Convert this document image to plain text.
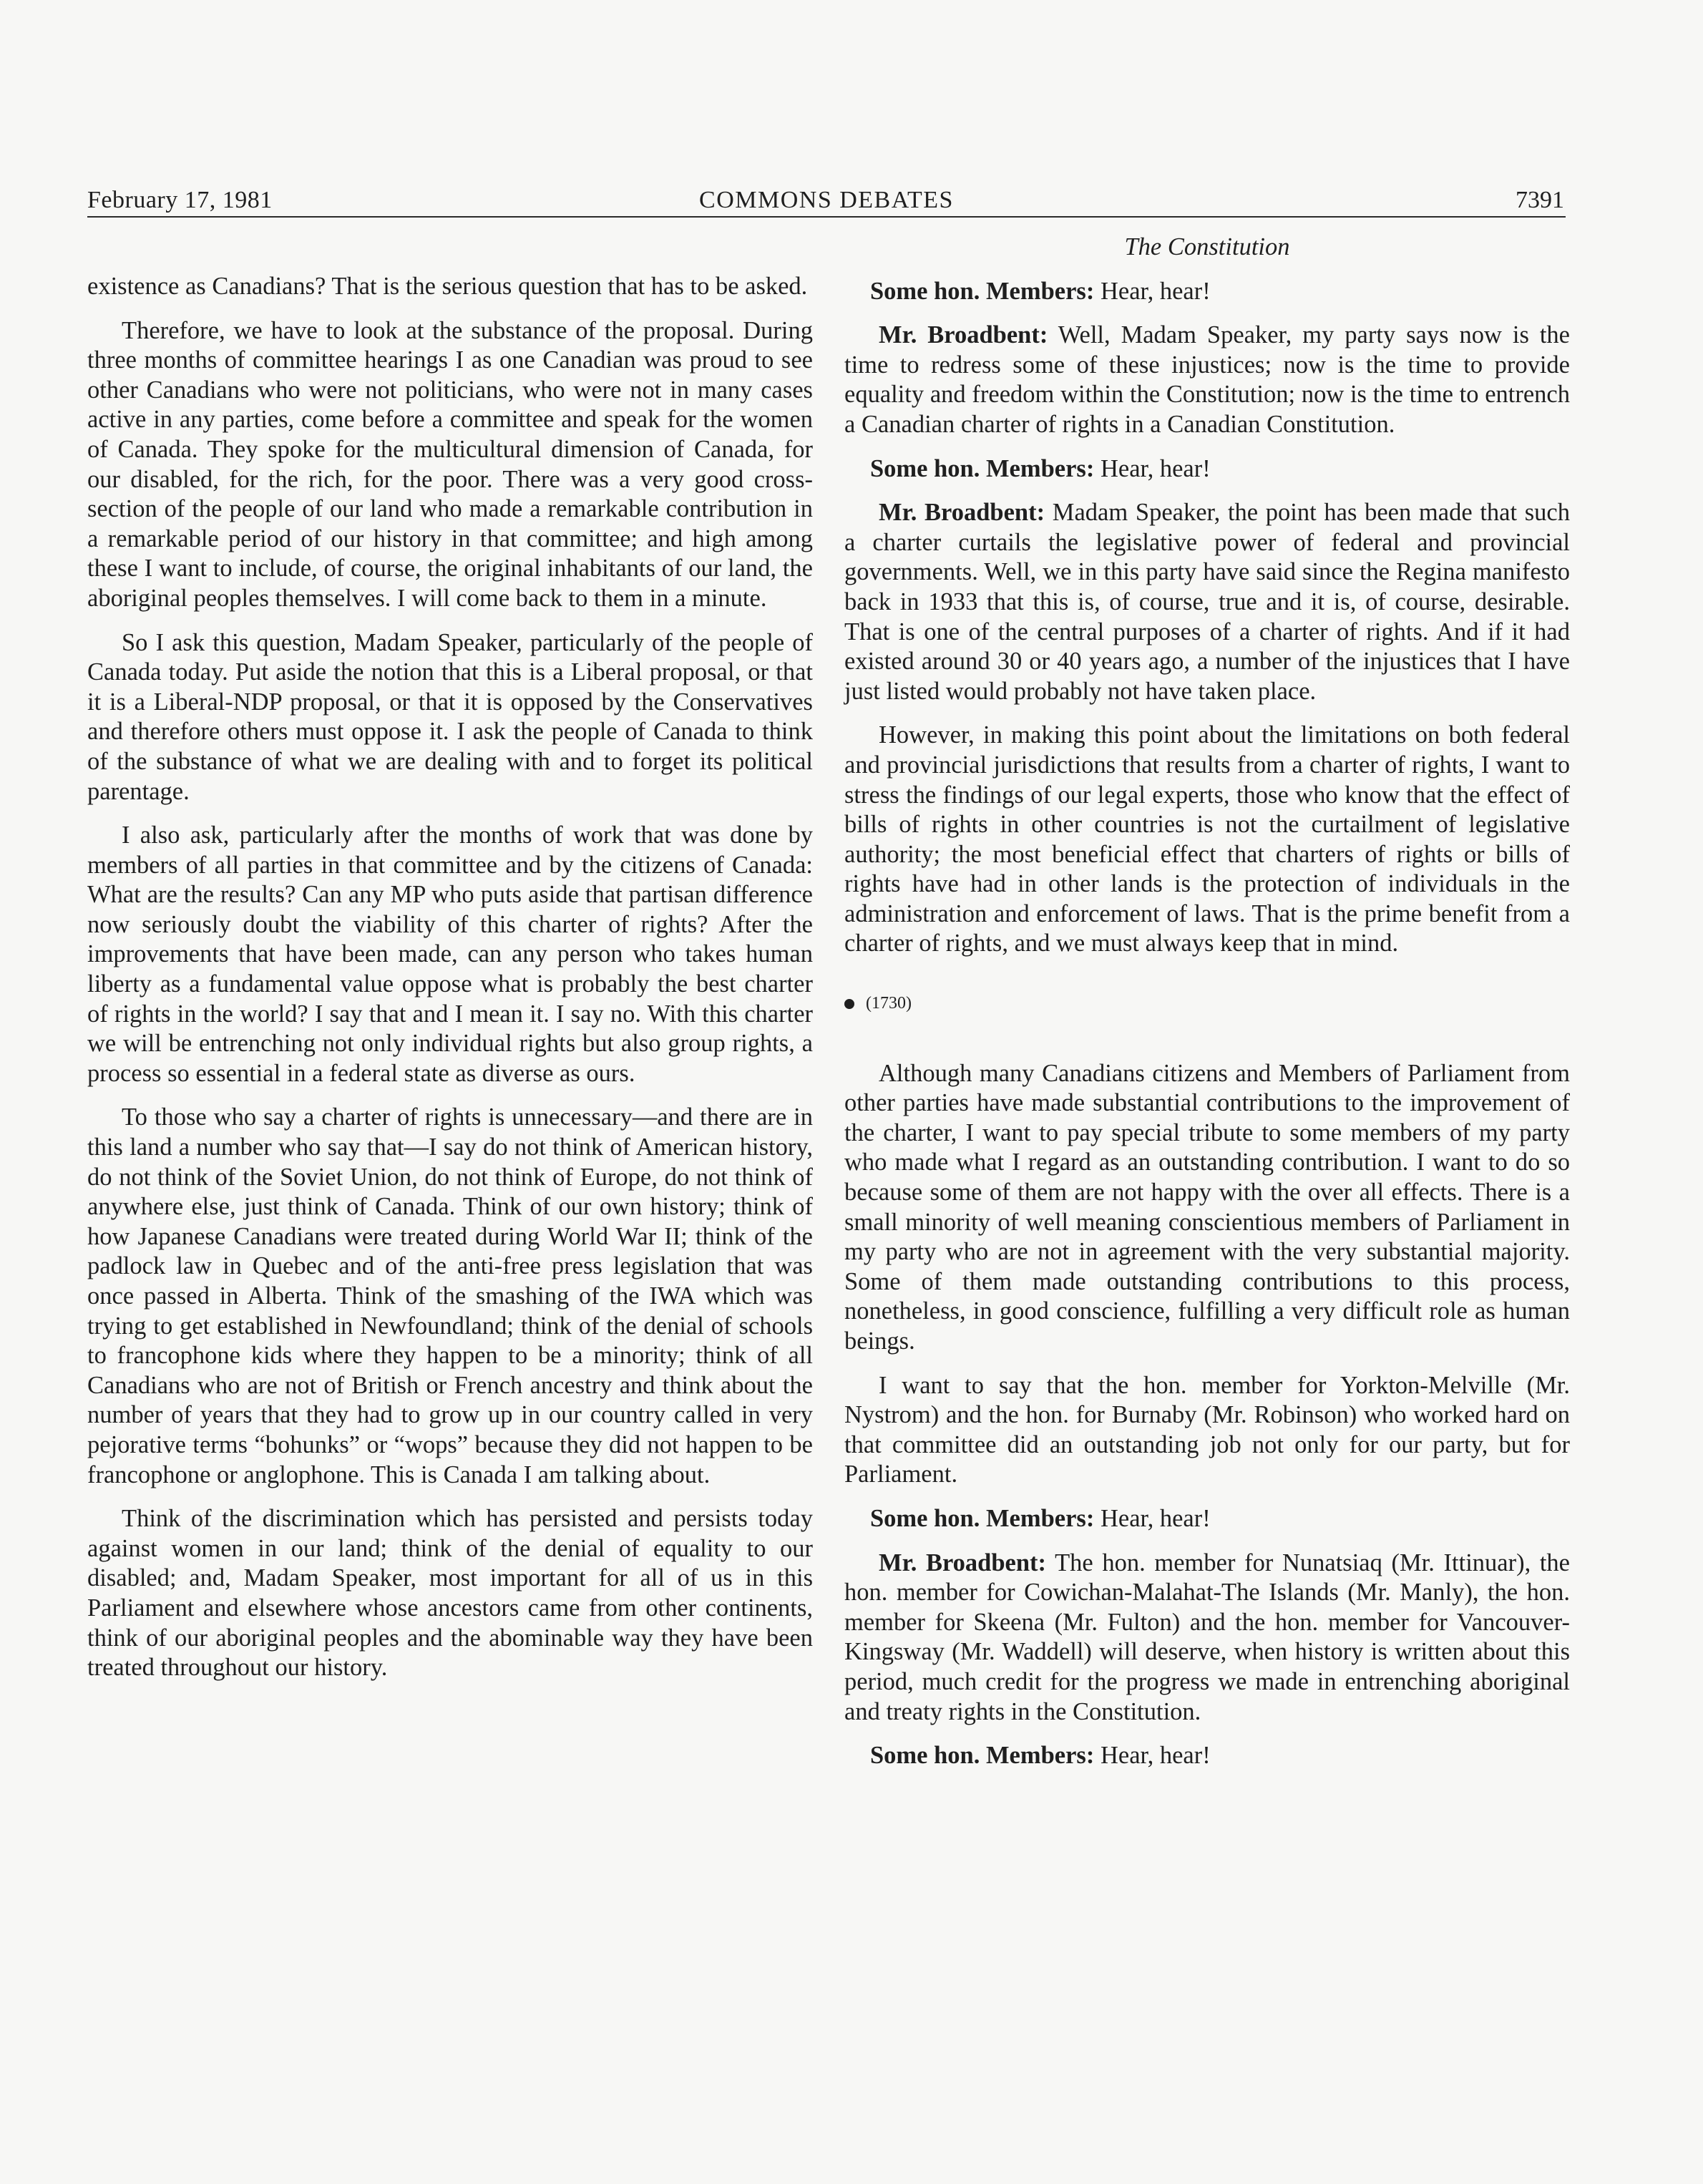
February 17, 1981	COMMONS DEBATES	7391

existence as Canadians? That is the serious question that has to be asked.

Therefore, we have to look at the substance of the proposal. During three months of committee hearings I as one Canadian was proud to see other Canadians who were not politicians, who were not in many cases active in any parties, come before a committee and speak for the women of Canada. They spoke for the multicultural dimension of Canada, for our disabled, for the rich, for the poor. There was a very good cross-section of the people of our land who made a remarkable contribution in a remarkable period of our history in that committee; and high among these I want to include, of course, the original inhabitants of our land, the aboriginal peoples themselves. I will come back to them in a minute.

So I ask this question, Madam Speaker, particularly of the people of Canada today. Put aside the notion that this is a Liberal proposal, or that it is a Liberal-NDP proposal, or that it is opposed by the Conservatives and therefore others must oppose it. I ask the people of Canada to think of the substance of what we are dealing with and to forget its political parentage.

I also ask, particularly after the months of work that was done by members of all parties in that committee and by the citizens of Canada: What are the results? Can any MP who puts aside that partisan difference now seriously doubt the viability of this charter of rights? After the improvements that have been made, can any person who takes human liberty as a fundamental value oppose what is probably the best charter of rights in the world? I say that and I mean it. I say no. With this charter we will be entrenching not only individual rights but also group rights, a process so essential in a federal state as diverse as ours.

To those who say a charter of rights is unnecessary—and there are in this land a number who say that—I say do not think of American history, do not think of the Soviet Union, do not think of Europe, do not think of anywhere else, just think of Canada. Think of our own history; think of how Japanese Canadians were treated during World War II; think of the padlock law in Quebec and of the anti-free press legislation that was once passed in Alberta. Think of the smashing of the IWA which was trying to get established in Newfoundland; think of the denial of schools to francophone kids where they happen to be a minority; think of all Canadians who are not of British or French ancestry and think about the number of years that they had to grow up in our country called in very pejorative terms “bohunks” or “wops” because they did not happen to be francophone or anglophone. This is Canada I am talking about.

Think of the discrimination which has persisted and persists today against women in our land; think of the denial of equality to our disabled; and, Madam Speaker, most important for all of us in this Parliament and elsewhere whose ancestors came from other continents, think of our aboriginal peoples and the abominable way they have been treated throughout our history.

The Constitution

Some hon. Members: Hear, hear!

Mr. Broadbent: Well, Madam Speaker, my party says now is the time to redress some of these injustices; now is the time to provide equality and freedom within the Constitution; now is the time to entrench a Canadian charter of rights in a Canadian Constitution.

Some hon. Members: Hear, hear!

Mr. Broadbent: Madam Speaker, the point has been made that such a charter curtails the legislative power of federal and provincial governments. Well, we in this party have said since the Regina manifesto back in 1933 that this is, of course, true and it is, of course, desirable. That is one of the central purposes of a charter of rights. And if it had existed around 30 or 40 years ago, a number of the injustices that I have just listed would probably not have taken place.

However, in making this point about the limitations on both federal and provincial jurisdictions that results from a charter of rights, I want to stress the findings of our legal experts, those who know that the effect of bills of rights in other countries is not the curtailment of legislative authority; the most beneficial effect that charters of rights or bills of rights have had in other lands is the protection of individuals in the administration and enforcement of laws. That is the prime benefit from a charter of rights, and we must always keep that in mind.

(1730)

Although many Canadians citizens and Members of Parliament from other parties have made substantial contributions to the improvement of the charter, I want to pay special tribute to some members of my party who made what I regard as an outstanding contribution. I want to do so because some of them are not happy with the over all effects. There is a small minority of well meaning conscientious members of Parliament in my party who are not in agreement with the very substantial majority. Some of them made outstanding contributions to this process, nonetheless, in good conscience, fulfilling a very difficult role as human beings.

I want to say that the hon. member for Yorkton-Melville (Mr. Nystrom) and the hon. for Burnaby (Mr. Robinson) who worked hard on that committee did an outstanding job not only for our party, but for Parliament.

Some hon. Members: Hear, hear!

Mr. Broadbent: The hon. member for Nunatsiaq (Mr. Ittinuar), the hon. member for Cowichan-Malahat-The Islands (Mr. Manly), the hon. member for Skeena (Mr. Fulton) and the hon. member for Vancouver-Kingsway (Mr. Waddell) will deserve, when history is written about this period, much credit for the progress we made in entrenching aboriginal and treaty rights in the Constitution.

Some hon. Members: Hear, hear!
